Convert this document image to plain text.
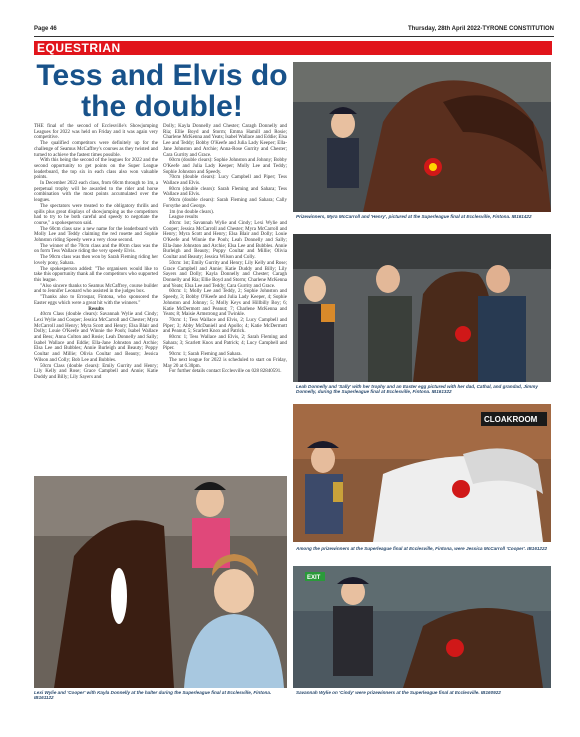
Page 46	Thursday, 28th April 2022-TYRONE CONSTITUTION
EQUESTRIAN
Tess and Elvis do the double!

THE final of the second of Ecclesville's Showjumping Leagues for 2022 was held on Friday and it was again very competitive.

The qualified competitors were definitely up for the challenge of Seamus McCaffrey's courses as they twisted and turned to achieve the fastest times possible.

With this being the second of the leagues for 2022 and the second opportunity to get points on the Super League leaderboard, the top six in each class also won valuable points.

In December 2022 each class, from 60cm through to 1m, a perpetual trophy will be awarded to the rider and horse combination with the most points accumulated over the leagues.

The spectators were treated to the obligatory thrills and spills plus great displays of showjumping as the competitors had to try to be both careful and speedy to negotiate the course," a spokesperson said.

The 60cm class saw a new name for the leaderboard with Molly Lee and Teddy claiming the red rosette and Sophie Johnston riding Speedy were a very close second.

The winner of the 70cm class and the 80cm class was the on form Tess Wallace riding the very speedy Elvis.

The 90cm class was then won by Sarah Fleming riding her lovely pony, Sahara.

The spokesperson added: "The organisers would like to take this opportunity thank all the competitors who supported this league.

"Also sincere thanks to Seamus McCaffrey, course builder and to Jennifer Leonard who assisted in the judges box.

"Thanks also to Errospar, Fintona, who sponsored the Easter eggs which were a great hit with the winners."

Results

40cm Class (double clears): Savannah Wylie and Cindy; Lexi Wylie and Cooper; Jessica McCarroll and Chester; Myra McCarroll and Henry; Myra Scott and Henry; Elsa Blair and Dolly; Louie O'Keefe and Winnie the Pooh; Isabel Wallace and Bess; Anna Colton and Rosie; Leah Donnelly and Sally; Isabel Wallace and Eddie; Ella-Jane Johnston and Archie; Elsa Lee and Bubbles; Annie Burleigh and Beauty; Poppy Coultar and Millie; Olivia Coultar and Beauty; Jessica Wilson and Colly; Bob Lee and Bubbles.

50cm Class (double clears): Emily Gurrity and Henry; Lily Kelly and Rose; Grace Campbell and Annie; Katie Duddy and Billy; Lily Sayers and

Dolly; Kayla Donnelly and Chester; Caragh Donnelly and Ria; Ellie Boyd and Storm; Emma Hamill and Rosie; Charlene McKenna and Yeats; Isabel Wallace and Eddie; Elsa Lee and Teddy; Bobby O'Keefe and Julia Lady Keeper; Ella-Jane Johnston and Archie; Anna-Rose Gurrity and Chester; Cara Gurrity and Grace.

60cm (double clears): Sophie Johnston and Johnny; Bobby O'Keefe and Julia Lady Keeper; Molly Lee and Teddy; Sophie Johnston and Speedy.

70cm (double clears): Lucy Campbell and Piper; Tess Wallace and Elvis.

80cm (double clears): Sarah Fleming and Sahara; Tess Wallace and Elvis.

90cm (double clears): Sarah Fleming and Sahara; Cally Forsythe and George.

1m (no double clears).

League results

40cm: 1st; Savannah Wylie and Cindy; Lexi Wylie and Cooper; Jessica McCarroll and Chester; Myra McCarroll and Henry; Myra Scott and Henry; Elsa Blair and Dolly; Louie O'Keefe and Winnie the Pooh; Leah Donnelly and Sally; Ella-Jane Johnston and Archie; Elsa Lee and Bubbles. Annie Burleigh and Beauty; Poppy Coultar and Millie; Olivia Coultar and Beauty; Jessica Wilson and Colly.

50cm: 1st; Emily Gurrity and Henry; Lily Kelly and Rose; Grace Campbell and Annie; Katie Duddy and Billy; Lily Sayers and Dolly; Kayla Donnelly and Chester; Caragh Donnelly and Ria; Ellie Boyd and Storm; Charlene McKenna and Yeats; Elsa Lee and Teddy; Cara Gurrity and Grace.

60cm: 1; Molly Lee and Teddy, 2; Sophie Johnston and Speedy, 3; Bobby O'Keefe and Julia Lady Keeper, 4; Sophie Johnston and Johnny; 5; Molly Keys and Hillbilly Boy; 6; Katie McDermott and Peanut; 7; Charlene McKenna and Yeats; 8; Maisie Armstrong and Twinkle.

70cm: 1; Tess Wallace and Elvis, 2; Lucy Campbell and Piper; 3; Abby McDaniell and Apollo; 4; Katie McDermott and Peanut; 5; Scarlett Knox and Patrick.

80cm: 1; Tess Wallace and Elvis, 2; Sarah Fleming and Sahara; 3; Scarlett Knox and Patrick; 4; Lucy Campbell and Piper.

90cm: 1; Sarah Fleming and Sahara.

The next league for 2022 is scheduled to start on Friday, May 20 at 6.30pm.

For further details contact Ecclesville on 028 82840591.

Prizewinners, Myra McCarroll and 'Henry', pictured at the Superleague final at Ecclesville, Fintona. IB161422
Leah Donnelly and 'Sally' with her trophy and an Easter egg pictured with her dad, Cathal, and grandad, Jimmy Donnelly, during the Superleague final at Ecclesville, Fintona. IB161322
CLOAKROOM
Among the prizewinners at the Superleague final at Ecclesville, Fintona, were Jessica McCarroll 'Cooper'. IB161222
Lexi Wylie and 'Cooper' with Kayla Donnelly at the halter during the Superleague final at Ecclesville, Fintona. IB161122
EXIT
Savannah Wylie on 'Cindy' were prizewinners at the Superleague final at Ecclesville. IB160922
